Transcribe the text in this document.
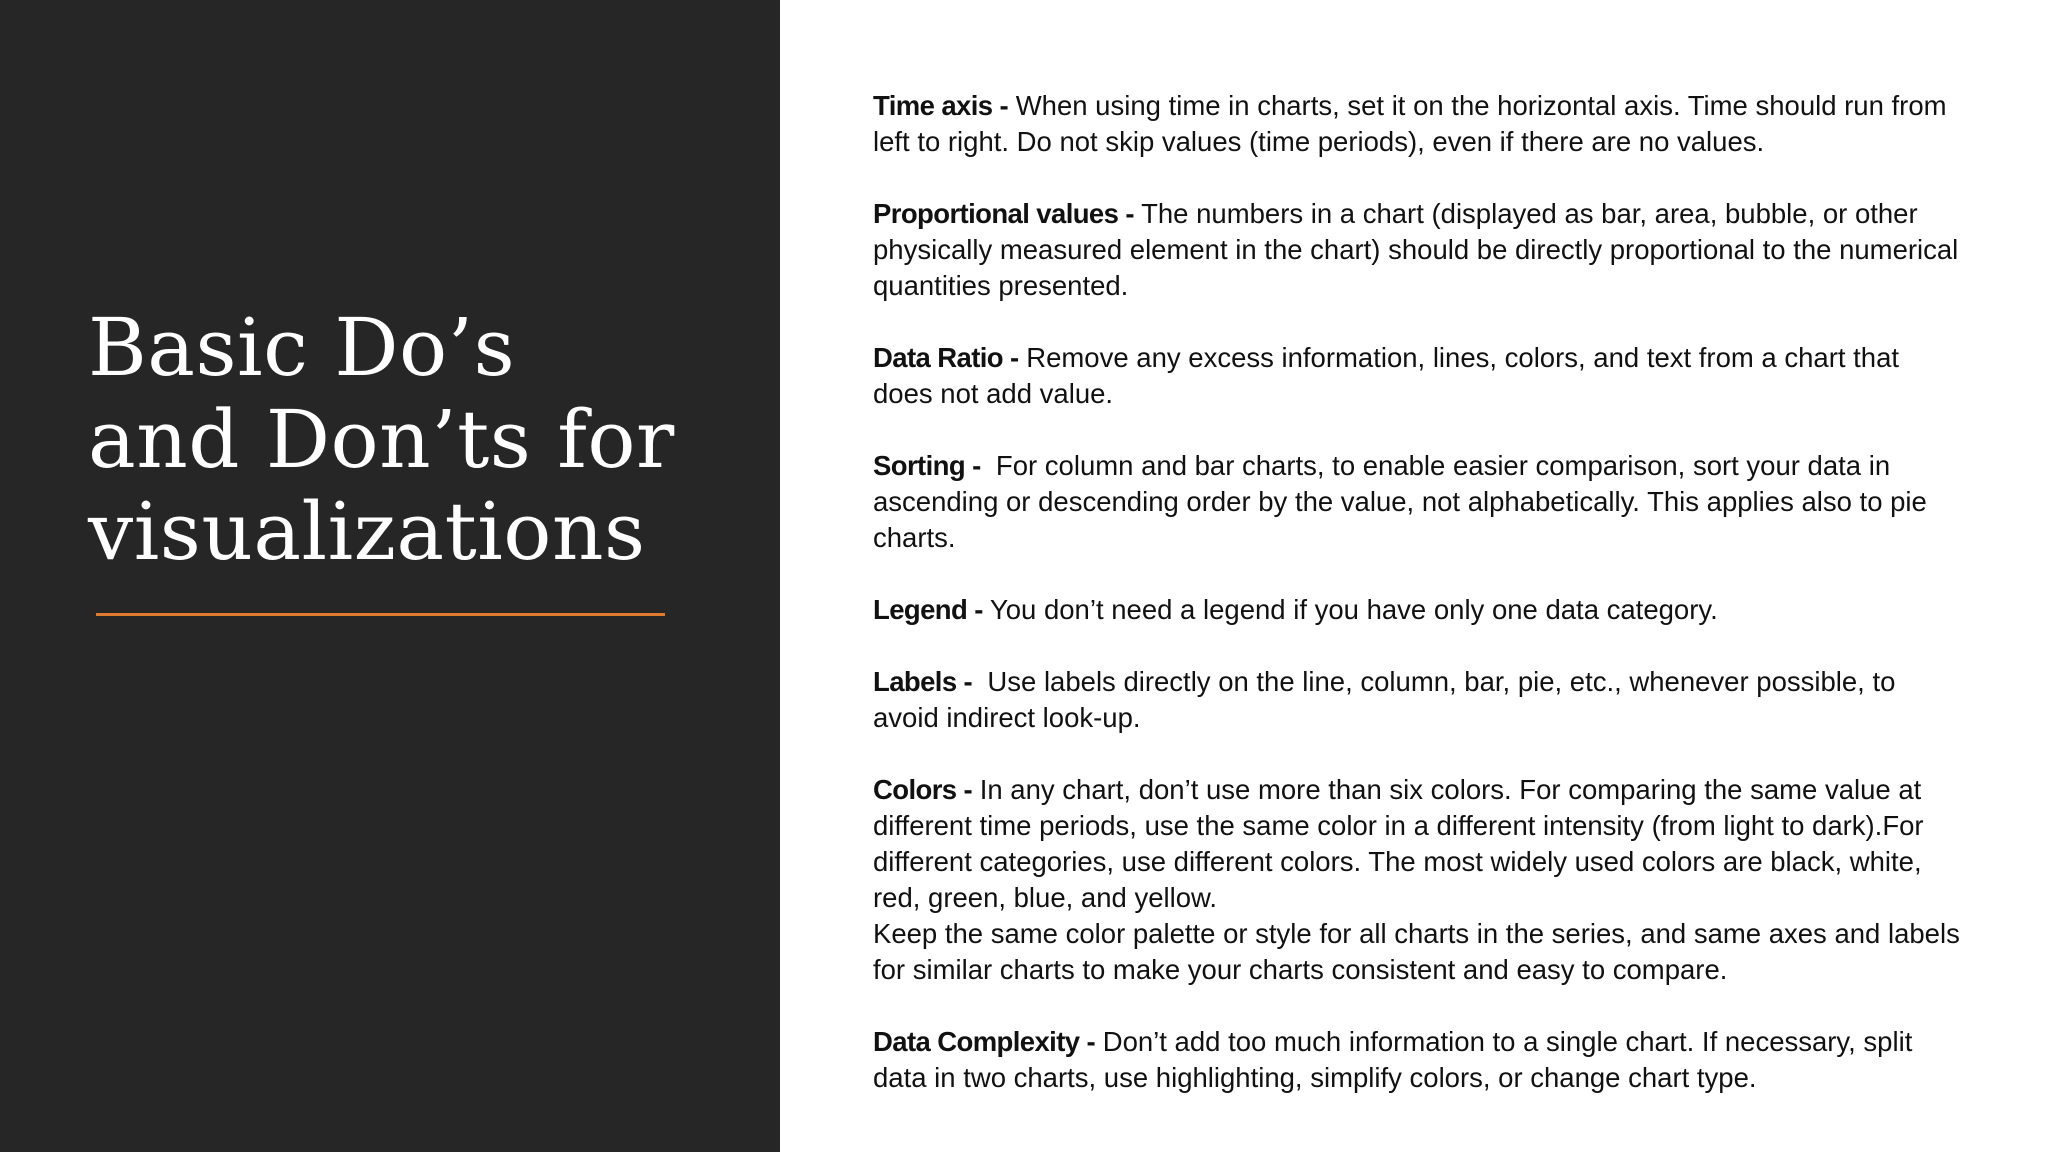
Basic Do’s
and Don’ts for
visualizations

Time axis - When using time in charts, set it on the horizontal axis. Time should run from left to right. Do not skip values (time periods), even if there are no values.

Proportional values - The numbers in a chart (displayed as bar, area, bubble, or other physically measured element in the chart) should be directly proportional to the numerical quantities presented.

Data Ratio - Remove any excess information, lines, colors, and text from a chart that does not add value.

Sorting -  For column and bar charts, to enable easier comparison, sort your data in ascending or descending order by the value, not alphabetically. This applies also to pie charts.

Legend - You don’t need a legend if you have only one data category.

Labels -  Use labels directly on the line, column, bar, pie, etc., whenever possible, to avoid indirect look-up.

Colors - In any chart, don’t use more than six colors. For comparing the same value at different time periods, use the same color in a different intensity (from light to dark).For different categories, use different colors. The most widely used colors are black, white, red, green, blue, and yellow.

Keep the same color palette or style for all charts in the series, and same axes and labels for similar charts to make your charts consistent and easy to compare.

Data Complexity - Don’t add too much information to a single chart. If necessary, split data in two charts, use highlighting, simplify colors, or change chart type.
